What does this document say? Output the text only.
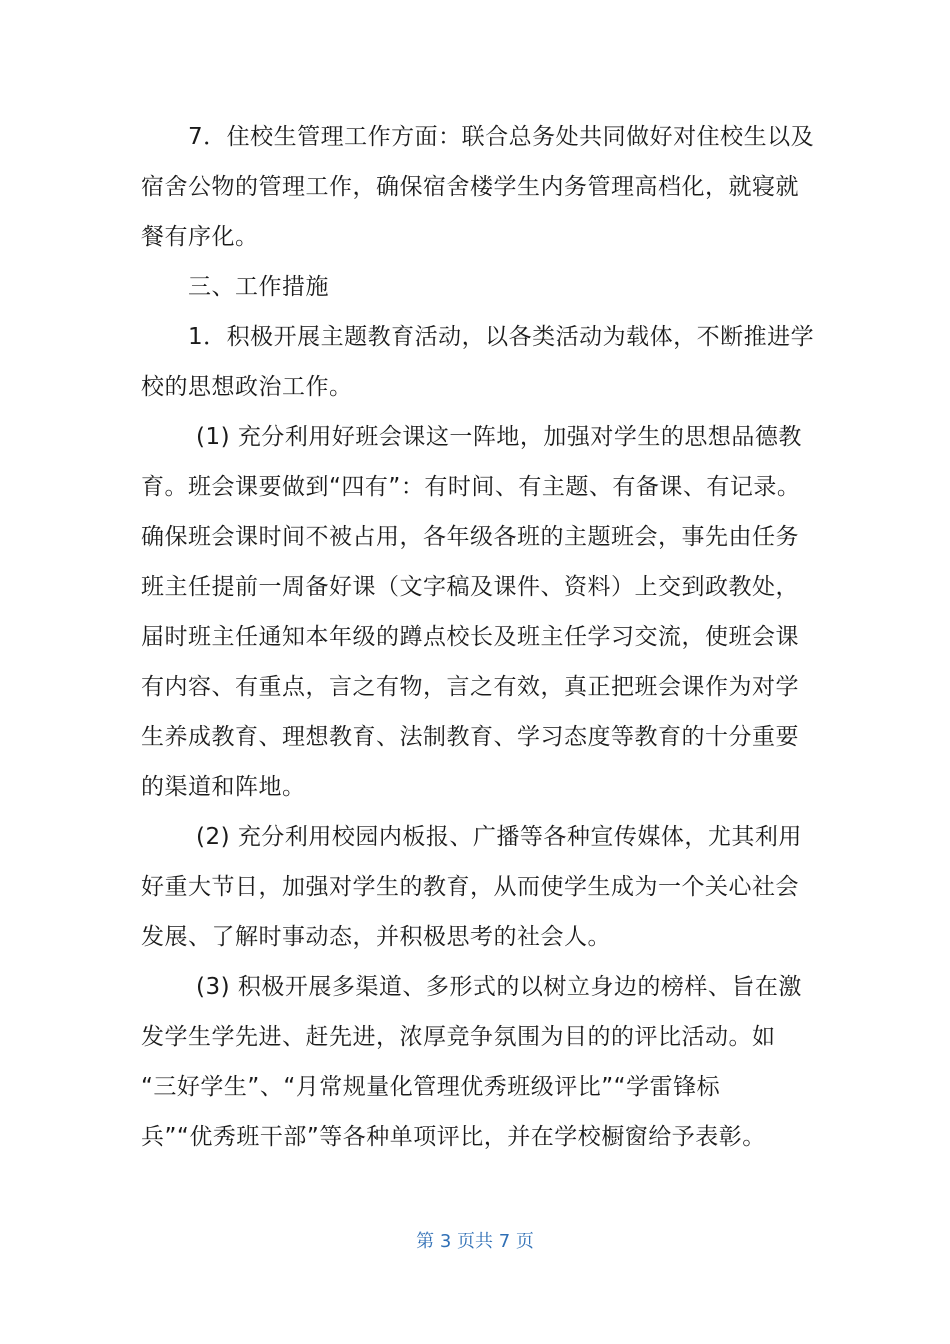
7．住校生管理工作方面：联合总务处共同做好对住校生以及
宿舍公物的管理工作，确保宿舍楼学生内务管理高档化，就寝就
餐有序化。
三、工作措施
1．积极开展主题教育活动，以各类活动为载体，不断推进学
校的思想政治工作。
(1) 充分利用好班会课这一阵地，加强对学生的思想品德教
育。班会课要做到“四有”：有时间、有主题、有备课、有记录。
确保班会课时间不被占用，各年级各班的主题班会，事先由任务
班主任提前一周备好课（文字稿及课件、资料）上交到政教处，
届时班主任通知本年级的蹲点校长及班主任学习交流，使班会课
有内容、有重点，言之有物，言之有效，真正把班会课作为对学
生养成教育、理想教育、法制教育、学习态度等教育的十分重要
的渠道和阵地。
(2) 充分利用校园内板报、广播等各种宣传媒体，尤其利用
好重大节日，加强对学生的教育，从而使学生成为一个关心社会
发展、了解时事动态，并积极思考的社会人。
(3) 积极开展多渠道、多形式的以树立身边的榜样、旨在激
发学生学先进、赶先进，浓厚竞争氛围为目的的评比活动。如
“三好学生”、“月常规量化管理优秀班级评比”“学雷锋标
兵”“优秀班干部”等各种单项评比，并在学校橱窗给予表彰。
第 3 页共 7 页
